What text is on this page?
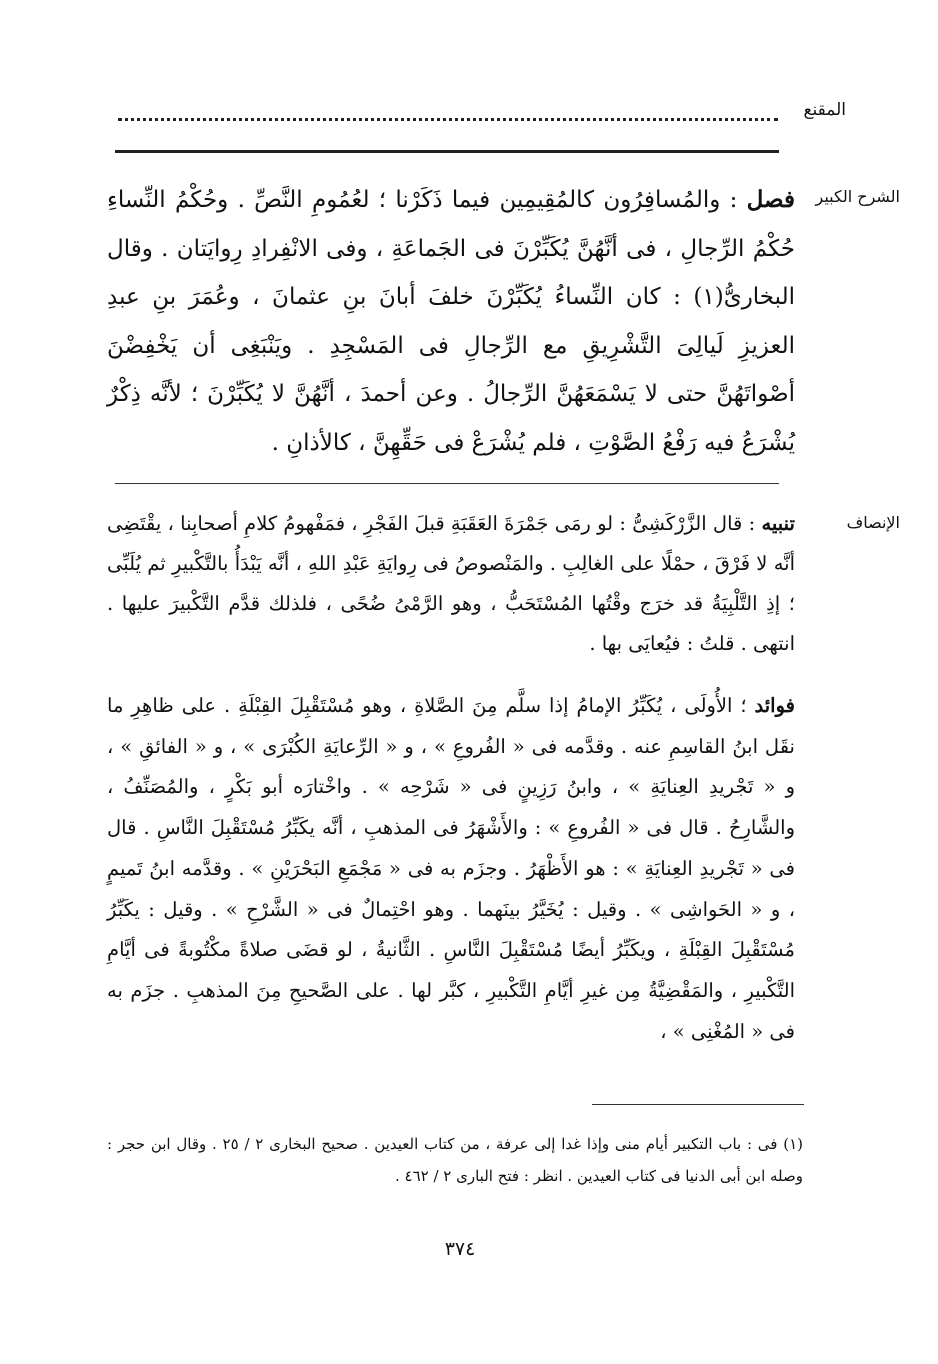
المقنع
الشرح الكبير

فصل : والمُسافِرُون كالمُقِيمِين فيما ذَكَرْنا ؛ لعُمُومِ النَّصِّ . وحُكْمُ النِّساءِ حُكْمُ الرِّجالِ ، فى أنَّهُنَّ يُكَبِّرْنَ فى الجَماعَةِ ، وفى الانْفِرادِ رِوايَتان . وقال البخارىُّ(١) : كان النِّساءُ يُكَبِّرْنَ خلفَ أبانَ بنِ عثمانَ ، وعُمَرَ بنِ عبدِ العزيزِ لَيالِىَ التَّشْرِيقِ مع الرِّجالِ فى المَسْجِدِ . ويَنْبَغِى أن يَخْفِضْنَ أصْواتَهُنَّ حتى لا يَسْمَعَهُنَّ الرِّجالُ . وعن أحمدَ ، أنَّهُنَّ لا يُكَبِّرْنَ ؛ لأنَّه ذِكْرٌ يُشْرَعُ فيه رَفْعُ الصَّوْتِ ، فلم يُشْرَعْ فى حَقِّهِنَّ ، كالأذانِ .

الإنصاف

تنبيه : قال الزَّرْكَشِىُّ : لو رمَى جَمْرَةَ العَقَبَةِ قبلَ الفَجْرِ ، فمَفْهومُ كلامِ أصحابِنا ، يقْتَضِى أنَّه لا فَرْقَ ، حمْلًا على الغالِبِ . والمَنْصوصُ فى رِوايَةِ عَبْدِ اللهِ ، أنَّه يَبْدَأُ بالتَّكْبيرِ ثم يُلَبِّى ؛ إذِ التَّلْبِيَةُ قد خرَج وقْتُها المُسْتَحَبُّ ، وهو الرَّمْىُ ضُحًى ، فلذلك قدَّم التَّكْبيرَ عليها . انتهى . قلتُ : فيُعايَى بها .

فوائد ؛ الأُولَى ، يُكَبِّرُ الإمامُ إذا سلَّم مِنَ الصَّلاةِ ، وهو مُسْتَقْبِلَ القِبْلَةِ . على ظاهِرِ ما نقَل ابنُ القاسِمِ عنه . وقدَّمه فى « الفُروعِ » ، و « الرِّعايَةِ الكُبْرَى » ، و « الفائقِ » ، و « تَجْريدِ العِنايَةِ » ، وابنُ رَزِينٍ فى « شَرْحِه » . واخْتارَه أبو بَكْرٍ ، والمُصَنِّفُ ، والشَّارِحُ . قال فى « الفُروعِ » : والأَشْهَرُ فى المذهبِ ، أنَّه يكَبِّرُ مُسْتَقْبِلَ النَّاسِ . قال فى « تَجْريدِ العِنايَةِ » : هو الأَظْهَرُ . وجزَم به فى « مَجْمَعِ البَحْرَيْنِ » . وقدَّمه ابنُ تَميمٍ ، و « الحَواشِى » . وقيل : يُخَيَّرُ بينَهما . وهو احْتِمالٌ فى « الشَّرْحِ » . وقيل : يكَبِّرُ مُسْتَقْبِلَ القِبْلَةِ ، ويكَبِّرُ أيضًا مُسْتَقْبِلَ النَّاسِ . الثَّانيةُ ، لو قضَى صلاةً مكْتُوبةً فى أيَّامِ التَّكْبيرِ ، والمَقْضِيَّةُ مِن غيرِ أيَّامِ التَّكْبيرِ ، كبَّر لها . على الصَّحيحِ مِنَ المذهبِ . جزَم به فى « المُغْنِى » ،

(١) فى : باب التكبير أيام منى وإذا غدا إلى عرفة ، من كتاب العيدين . صحيح البخارى ٢ / ٢٥ . وقال ابن حجر : وصله ابن أبى الدنيا فى كتاب العيدين . انظر : فتح البارى ٢ / ٤٦٢ .

٣٧٤
